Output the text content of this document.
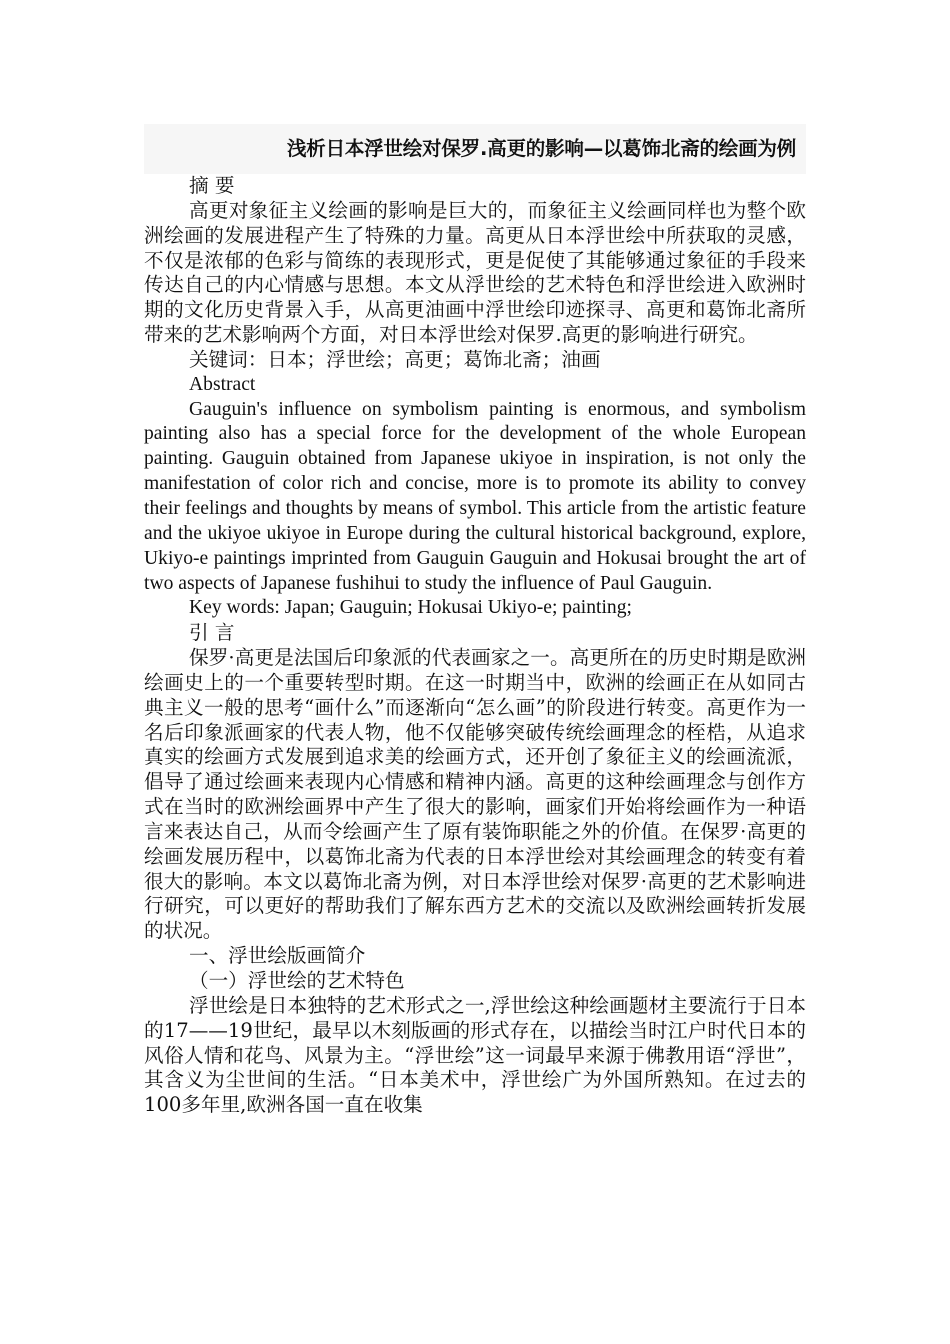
浅析日本浮世绘对保罗.高更的影响—以葛饰北斋的绘画为例

摘 要

高更对象征主义绘画的影响是巨大的，而象征主义绘画同样也为整个欧洲绘画的发展进程产生了特殊的力量。高更从日本浮世绘中所获取的灵感，不仅是浓郁的色彩与简练的表现形式，更是促使了其能够通过象征的手段来传达自己的内心情感与思想。本文从浮世绘的艺术特色和浮世绘进入欧洲时期的文化历史背景入手，从高更油画中浮世绘印迹探寻、高更和葛饰北斋所带来的艺术影响两个方面，对日本浮世绘对保罗.高更的影响进行研究。

关键词：日本；浮世绘；高更；葛饰北斋；油画

Abstract

Gauguin's influence on symbolism painting is enormous, and symbolism painting also has a special force for the development of the whole European painting. Gauguin obtained from Japanese ukiyoe in inspiration, is not only the manifestation of color rich and concise, more is to promote its ability to convey their feelings and thoughts by means of symbol. This article from the artistic feature and the ukiyoe ukiyoe in Europe during the cultural historical background, explore, Ukiyo-e paintings imprinted from Gauguin Gauguin and Hokusai brought the art of two aspects of Japanese fushihui to study the influence of Paul Gauguin.

Key words: Japan; Gauguin; Hokusai Ukiyo-e; painting;

引 言

保罗·高更是法国后印象派的代表画家之一。高更所在的历史时期是欧洲绘画史上的一个重要转型时期。在这一时期当中，欧洲的绘画正在从如同古典主义一般的思考“画什么”而逐渐向“怎么画”的阶段进行转变。高更作为一名后印象派画家的代表人物，他不仅能够突破传统绘画理念的桎梏，从追求真实的绘画方式发展到追求美的绘画方式，还开创了象征主义的绘画流派，倡导了通过绘画来表现内心情感和精神内涵。高更的这种绘画理念与创作方式在当时的欧洲绘画界中产生了很大的影响，画家们开始将绘画作为一种语言来表达自己，从而令绘画产生了原有装饰职能之外的价值。在保罗·高更的绘画发展历程中，以葛饰北斋为代表的日本浮世绘对其绘画理念的转变有着很大的影响。本文以葛饰北斋为例，对日本浮世绘对保罗·高更的艺术影响进行研究，可以更好的帮助我们了解东西方艺术的交流以及欧洲绘画转折发展的状况。

一、浮世绘版画简介

（一）浮世绘的艺术特色

浮世绘是日本独特的艺术形式之一,浮世绘这种绘画题材主要流行于日本的17——19世纪，最早以木刻版画的形式存在，以描绘当时江户时代日本的风俗人情和花鸟、风景为主。“浮世绘”这一词最早来源于佛教用语“浮世”，其含义为尘世间的生活。“日本美术中，浮世绘广为外国所熟知。在过去的100多年里,欧洲各国一直在收集
